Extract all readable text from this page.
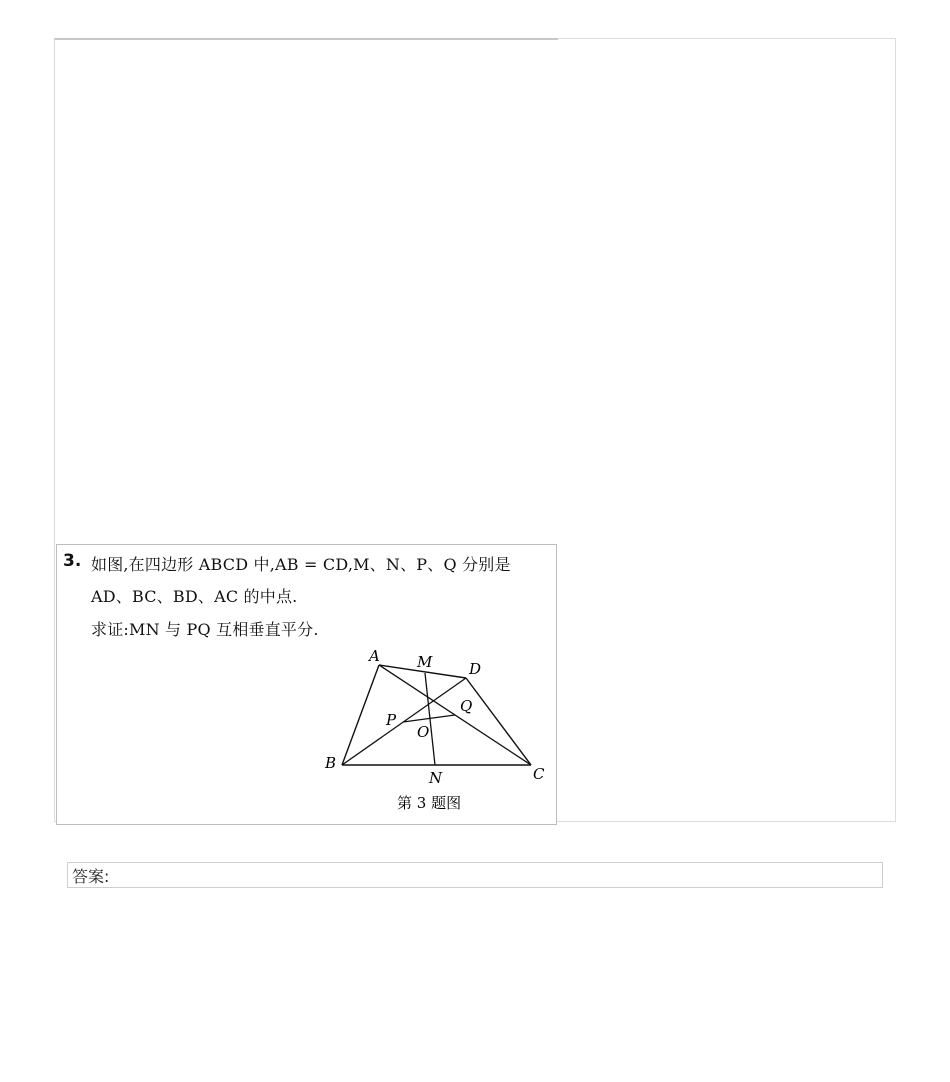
3. 如图,在四边形 ABCD 中,AB = CD,M、N、P、Q 分别是
AD、BC、BD、AC 的中点.
求证:MN 与 PQ 互相垂直平分.
A M D
P
Q
O
B
N	C
第 3 题图
答案:
